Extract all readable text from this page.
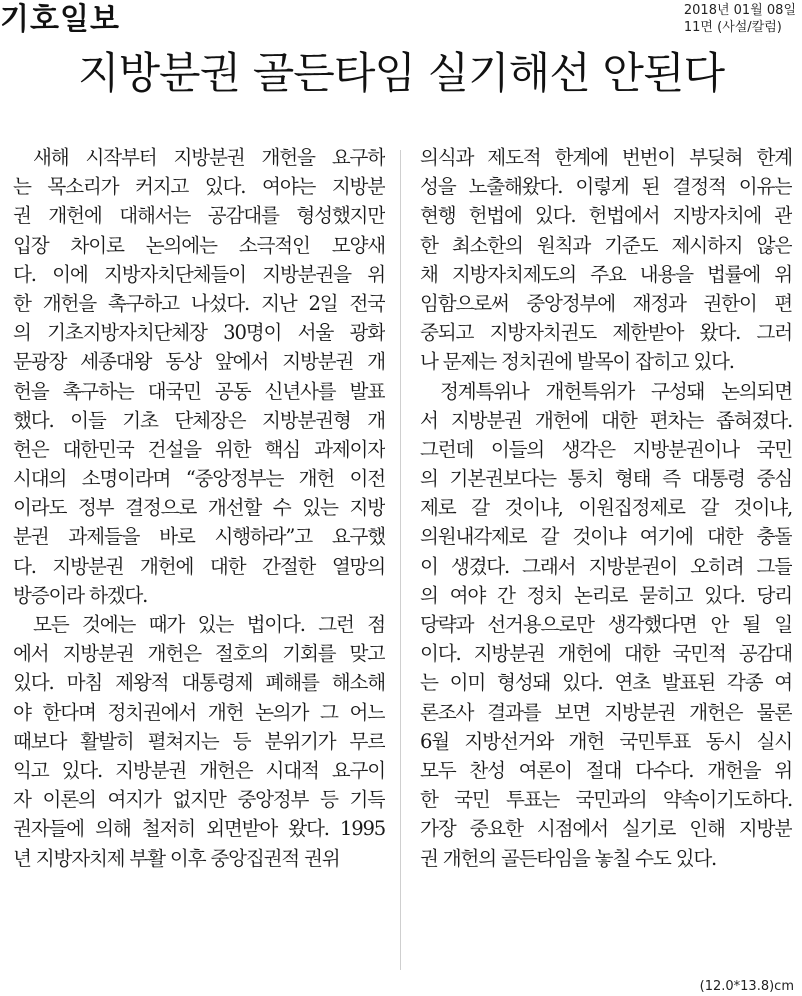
기호일보	2018년 01월 08일
11면 (사설/칼럼)
지방분권 골든타임 실기해선 안된다
새해 시작부터 지방분권 개헌을 요구하
는 목소리가 커지고 있다. 여야는 지방분
권 개헌에 대해서는 공감대를 형성했지만
입장 차이로 논의에는 소극적인 모양새
다. 이에 지방자치단체들이 지방분권을 위
한 개헌을 촉구하고 나섰다. 지난 2일 전국
의 기초지방자치단체장 30명이 서울 광화
문광장 세종대왕 동상 앞에서 지방분권 개
헌을 촉구하는 대국민 공동 신년사를 발표
했다. 이들 기초 단체장은 지방분권형 개
헌은 대한민국 건설을 위한 핵심 과제이자
시대의 소명이라며 “중앙정부는 개헌 이전
이라도 정부 결정으로 개선할 수 있는 지방
분권 과제들을 바로 시행하라”고 요구했
다. 지방분권 개헌에 대한 간절한 열망의
방증이라 하겠다.
모든 것에는 때가 있는 법이다. 그런 점
에서 지방분권 개헌은 절호의 기회를 맞고
있다. 마침 제왕적 대통령제 폐해를 해소해
야 한다며 정치권에서 개헌 논의가 그 어느
때보다 활발히 펼쳐지는 등 분위기가 무르
익고 있다. 지방분권 개헌은 시대적 요구이
자 이론의 여지가 없지만 중앙정부 등 기득
권자들에 의해 철저히 외면받아 왔다. 1995
년 지방자치제 부활 이후 중앙집권적 권위
의식과 제도적 한계에 번번이 부딪혀 한계
성을 노출해왔다. 이렇게 된 결정적 이유는
현행 헌법에 있다. 헌법에서 지방자치에 관
한 최소한의 원칙과 기준도 제시하지 않은
채 지방자치제도의 주요 내용을 법률에 위
임함으로써 중앙정부에 재정과 권한이 편
중되고 지방자치권도 제한받아 왔다. 그러
나 문제는 정치권에 발목이 잡히고 있다.
정계특위나 개헌특위가 구성돼 논의되면
서 지방분권 개헌에 대한 편차는 좁혀졌다.
그런데 이들의 생각은 지방분권이나 국민
의 기본권보다는 통치 형태 즉 대통령 중심
제로 갈 것이냐, 이원집정제로 갈 것이냐,
의원내각제로 갈 것이냐 여기에 대한 충돌
이 생겼다. 그래서 지방분권이 오히려 그들
의 여야 간 정치 논리로 묻히고 있다. 당리
당략과 선거용으로만 생각했다면 안 될 일
이다. 지방분권 개헌에 대한 국민적 공감대
는 이미 형성돼 있다. 연초 발표된 각종 여
론조사 결과를 보면 지방분권 개헌은 물론
6월 지방선거와 개헌 국민투표 동시 실시
모두 찬성 여론이 절대 다수다. 개헌을 위
한 국민 투표는 국민과의 약속이기도하다.
가장 중요한 시점에서 실기로 인해 지방분
권 개헌의 골든타임을 놓칠 수도 있다.
(12.0*13.8)cm
